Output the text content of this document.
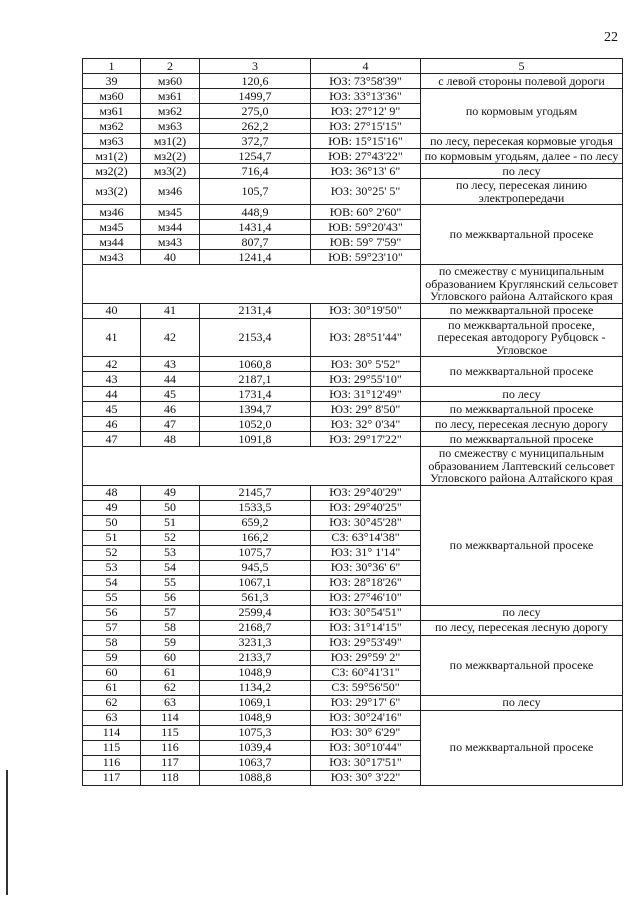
22
1	2	3	4	5
39	мз60	120,6	ЮЗ: 73°58'39"	с левой стороны полевой дороги
мз60	мз61	1499,7	ЮЗ: 33°13'36"	по кормовым угодьям
мз61	мз62	275,0	ЮЗ: 27°12' 9"	
мз62	мз63	262,2	ЮЗ: 27°15'15"	
мз63	мз1(2)	372,7	ЮВ: 15°15'16"	по лесу, пересекая кормовые угодья
мз1(2)	мз2(2)	1254,7	ЮВ: 27°43'22"	по кормовым угодьям, далее - по лесу
мз2(2)	мз3(2)	716,4	ЮЗ: 36°13' 6"	по лесу
мз3(2)	мз46	105,7	ЮЗ: 30°25' 5"	по лесу, пересекая линию
электропередачи
мз46	мз45	448,9	ЮВ: 60° 2'60"	по межквартальной просеке
мз45	мз44	1431,4	ЮВ: 59°20'43"	
мз44	мз43	807,7	ЮВ: 59° 7'59"	
мз43	40	1241,4	ЮВ: 59°23'10"	
				по смежеству с муниципальным
образованием Круглянский сельсовет
Угловского района Алтайского края
40	41	2131,4	ЮЗ: 30°19'50"	по межквартальной просеке
41	42	2153,4	ЮЗ: 28°51'44"	по межквартальной просеке,
пересекая автодорогу Рубцовск -
Угловское
42	43	1060,8	ЮЗ: 30° 5'52"	по межквартальной просеке
43	44	2187,1	ЮЗ: 29°55'10"	
44	45	1731,4	ЮЗ: 31°12'49"	по лесу
45	46	1394,7	ЮЗ: 29° 8'50"	по межквартальной просеке
46	47	1052,0	ЮЗ: 32° 0'34"	по лесу, пересекая лесную дорогу
47	48	1091,8	ЮЗ: 29°17'22"	по межквартальной просеке
				по смежеству с муниципальным
образованием Лаптевский сельсовет
Угловского района Алтайского края
48	49	2145,7	ЮЗ: 29°40'29"	по межквартальной просеке
49	50	1533,5	ЮЗ: 29°40'25"	
50	51	659,2	ЮЗ: 30°45'28"	
51	52	166,2	СЗ: 63°14'38"	
52	53	1075,7	ЮЗ: 31° 1'14"	
53	54	945,5	ЮЗ: 30°36' 6"	
54	55	1067,1	ЮЗ: 28°18'26"	
55	56	561,3	ЮЗ: 27°46'10"	
56	57	2599,4	ЮЗ: 30°54'51"	по лесу
57	58	2168,7	ЮЗ: 31°14'15"	по лесу, пересекая лесную дорогу
58	59	3231,3	ЮЗ: 29°53'49"	по межквартальной просеке
59	60	2133,7	ЮЗ: 29°59' 2"	
60	61	1048,9	СЗ: 60°41'31"	
61	62	1134,2	СЗ: 59°56'50"	
62	63	1069,1	ЮЗ: 29°17' 6"	по лесу
63	114	1048,9	ЮЗ: 30°24'16"	по межквартальной просеке
114	115	1075,3	ЮЗ: 30° 6'29"	
115	116	1039,4	ЮЗ: 30°10'44"	
116	117	1063,7	ЮЗ: 30°17'51"	
117	118	1088,8	ЮЗ: 30° 3'22"	
